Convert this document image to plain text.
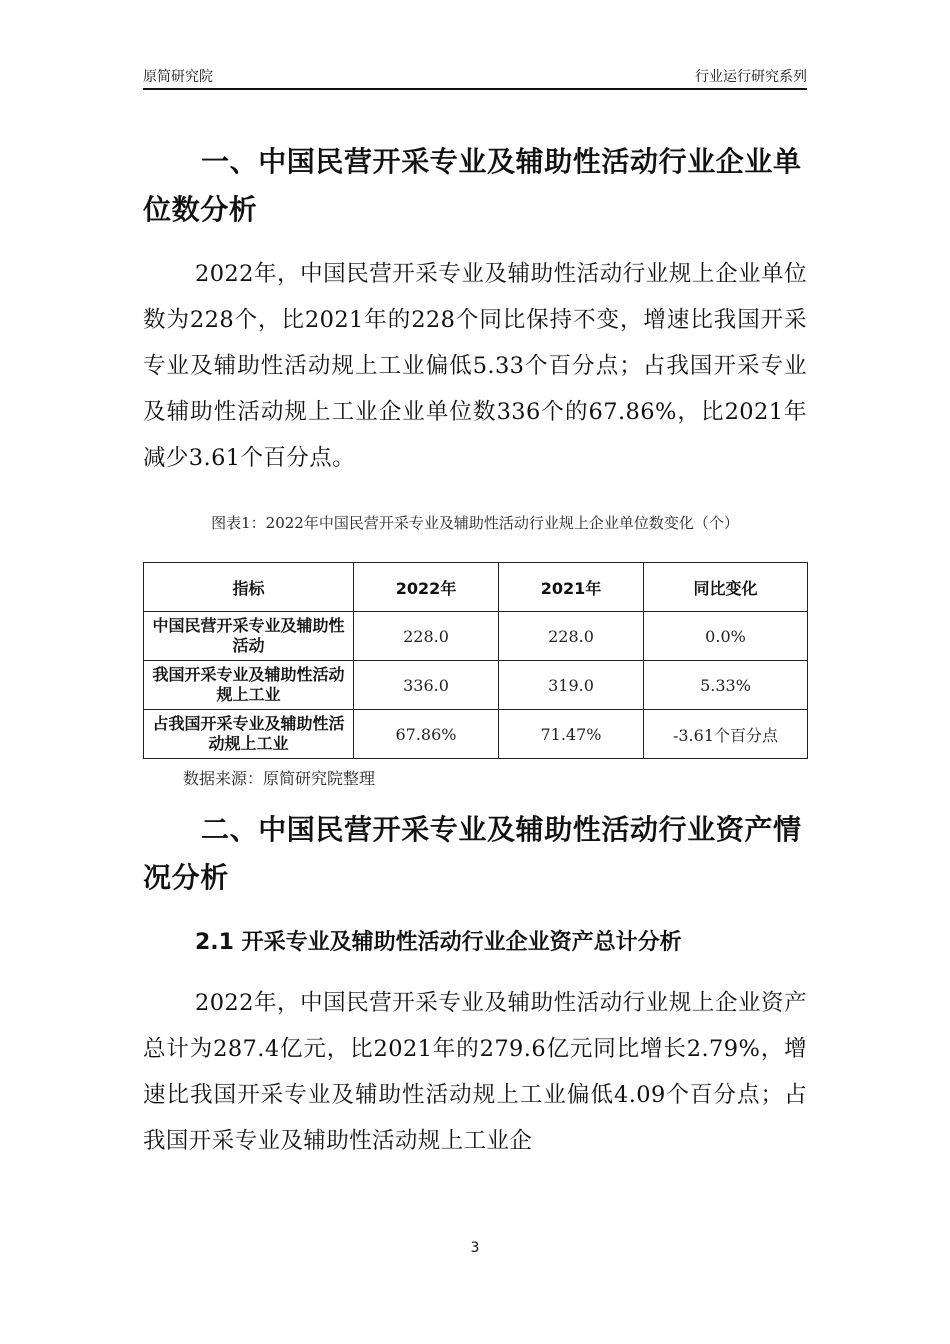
原简研究院	行业运行研究系列
一、中国民营开采专业及辅助性活动行业企业单位数分析
2022年，中国民营开采专业及辅助性活动行业规上企业单位数为228个，比2021年的228个同比保持不变，增速比我国开采专业及辅助性活动规上工业偏低5.33个百分点；占我国开采专业及辅助性活动规上工业企业单位数336个的67.86%，比2021年减少3.61个百分点。
图表1：2022年中国民营开采专业及辅助性活动行业规上企业单位数变化（个）
指标	2022年	2021年	同比变化
中国民营开采专业及辅助性活动	228.0	228.0	0.0%
我国开采专业及辅助性活动规上工业	336.0	319.0	5.33%
占我国开采专业及辅助性活动规上工业	67.86%	71.47%	-3.61个百分点
数据来源：原简研究院整理
二、中国民营开采专业及辅助性活动行业资产情况分析
2.1 开采专业及辅助性活动行业企业资产总计分析
2022年，中国民营开采专业及辅助性活动行业规上企业资产总计为287.4亿元，比2021年的279.6亿元同比增长2.79%，增速比我国开采专业及辅助性活动规上工业偏低4.09个百分点；占我国开采专业及辅助性活动规上工业企
3
